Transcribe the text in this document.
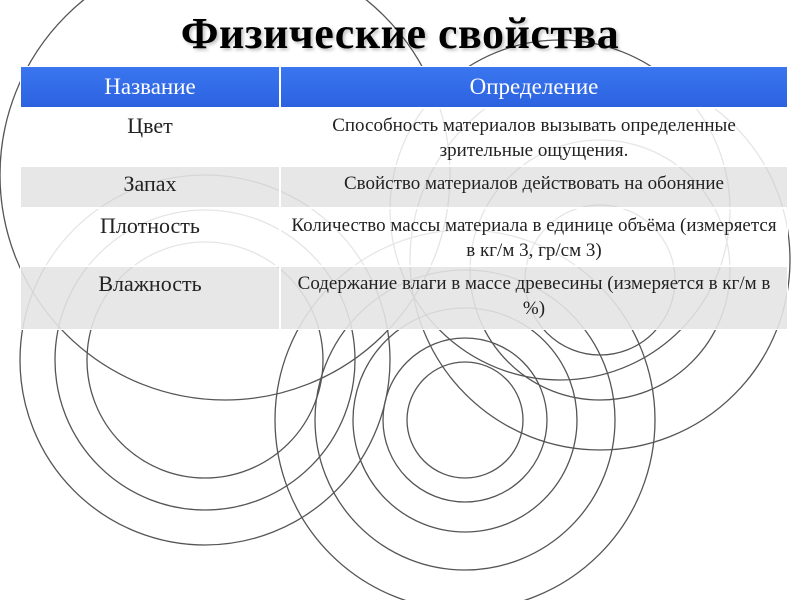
Физические свойства
Название	Определение
Цвет	Способность материалов вызывать определенные зрительные ощущения.
Запах	Свойство материалов действовать на обоняние
Плотность	Количество массы материала в единице объёма (измеряется в кг/м 3, гр/см 3)
Влажность	Содержание влаги в массе древесины (измеряется в кг/м в %)
